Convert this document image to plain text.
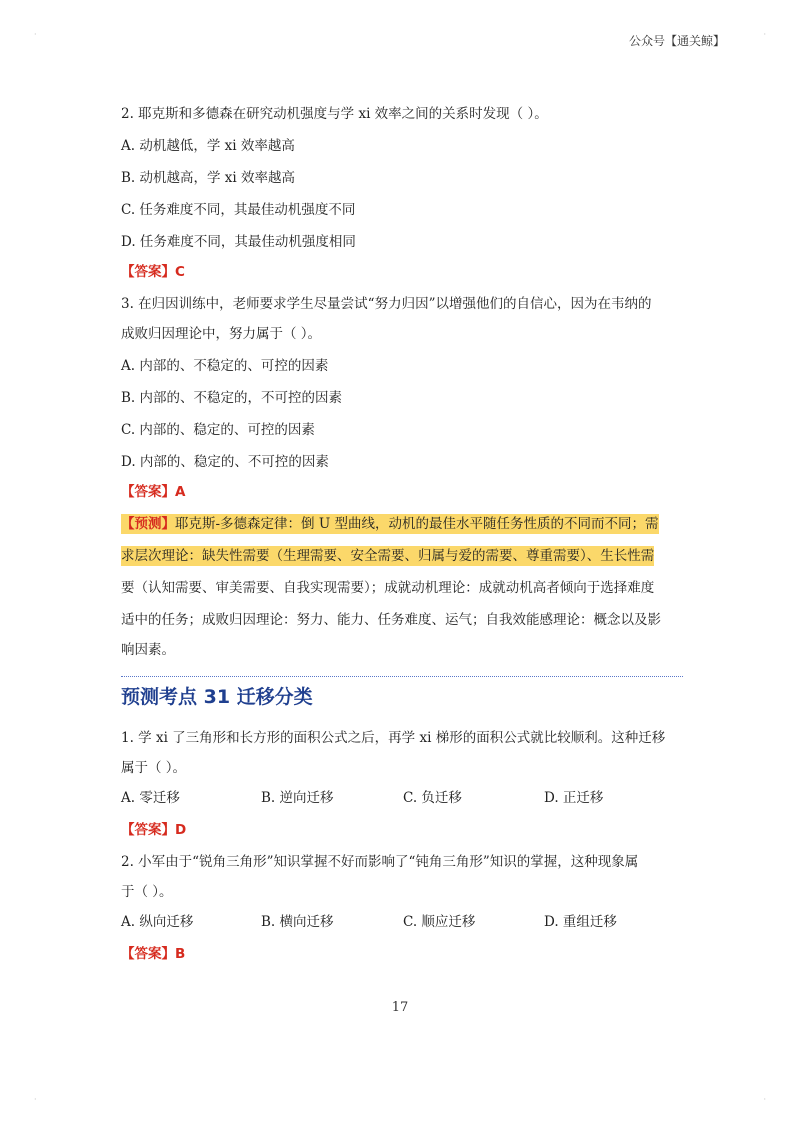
公众号【通关鲸】
2. 耶克斯和多德森在研究动机强度与学 xi 效率之间的关系时发现（ ）。
A. 动机越低，学 xi 效率越高
B. 动机越高，学 xi 效率越高
C. 任务难度不同，其最佳动机强度不同
D. 任务难度不同，其最佳动机强度相同
【答案】C
3. 在归因训练中，老师要求学生尽量尝试“努力归因”以增强他们的自信心，因为在韦纳的
成败归因理论中，努力属于（ ）。
A. 内部的、不稳定的、可控的因素
B. 内部的、不稳定的，不可控的因素
C. 内部的、稳定的、可控的因素
D. 内部的、稳定的、不可控的因素
【答案】A
【预测】耶克斯-多德森定律：倒 U 型曲线，动机的最佳水平随任务性质的不同而不同；需
求层次理论：缺失性需要（生理需要、安全需要、归属与爱的需要、尊重需要）、生长性需
要（认知需要、审美需要、自我实现需要）；成就动机理论：成就动机高者倾向于选择难度
适中的任务；成败归因理论：努力、能力、任务难度、运气；自我效能感理论：概念以及影
响因素。
1. 学 xi 了三角形和长方形的面积公式之后，再学 xi 梯形的面积公式就比较顺利。这种迁移
属于（ ）。
A. 零迁移	B. 逆向迁移	C. 负迁移	D. 正迁移
【答案】D
2. 小军由于“锐角三角形”知识掌握不好而影响了“钝角三角形”知识的掌握，这种现象属
于（ ）。
A. 纵向迁移	B. 横向迁移	C. 顺应迁移	D. 重组迁移
【答案】B
预测考点 31 迁移分类
17
·	·
·	·
